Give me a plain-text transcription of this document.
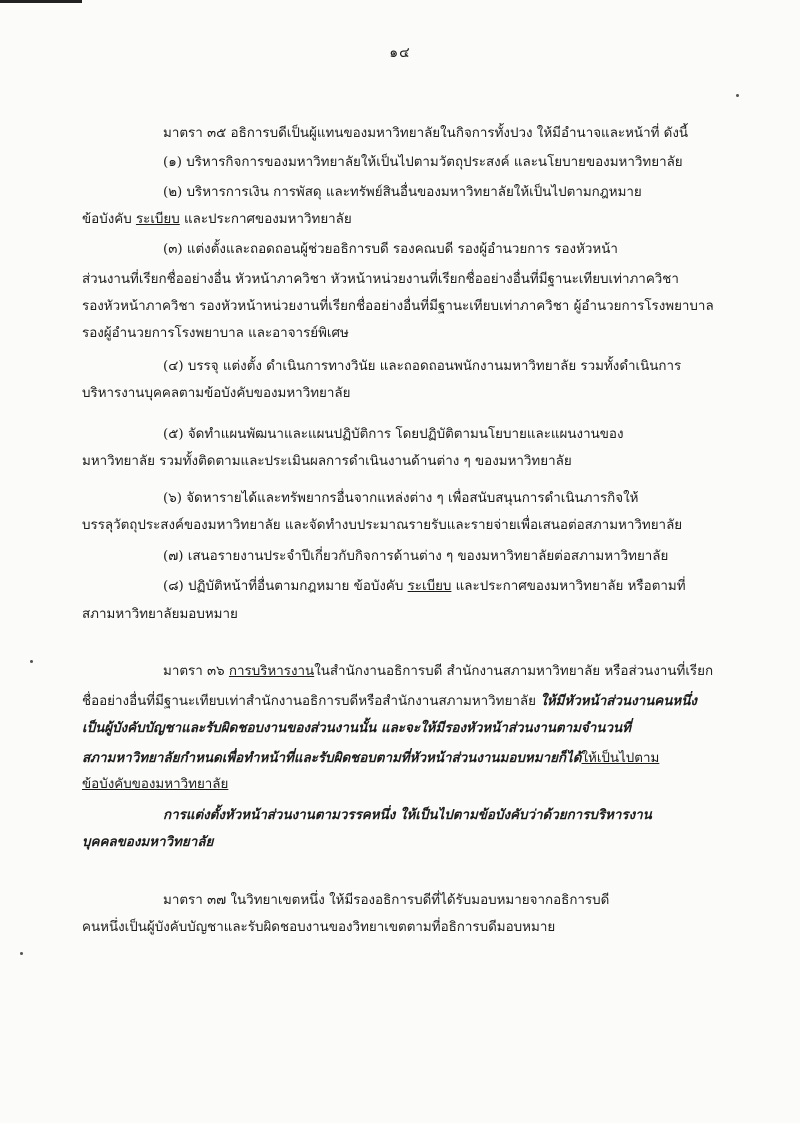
๑๔
มาตรา ๓๕ อธิการบดีเป็นผู้แทนของมหาวิทยาลัยในกิจการทั้งปวง ให้มีอำนาจและหน้าที่ ดังนี้
(๑) บริหารกิจการของมหาวิทยาลัยให้เป็นไปตามวัตถุประสงค์ และนโยบายของมหาวิทยาลัย
(๒) บริหารการเงิน การพัสดุ และทรัพย์สินอื่นของมหาวิทยาลัยให้เป็นไปตามกฎหมาย
ข้อบังคับ ระเบียบ และประกาศของมหาวิทยาลัย
(๓) แต่งตั้งและถอดถอนผู้ช่วยอธิการบดี รองคณบดี รองผู้อำนวยการ รองหัวหน้า
ส่วนงานที่เรียกชื่ออย่างอื่น หัวหน้าภาควิชา หัวหน้าหน่วยงานที่เรียกชื่ออย่างอื่นที่มีฐานะเทียบเท่าภาควิชา
รองหัวหน้าภาควิชา รองหัวหน้าหน่วยงานที่เรียกชื่ออย่างอื่นที่มีฐานะเทียบเท่าภาควิชา ผู้อำนวยการโรงพยาบาล
รองผู้อำนวยการโรงพยาบาล และอาจารย์พิเศษ
(๔) บรรจุ แต่งตั้ง ดำเนินการทางวินัย และถอดถอนพนักงานมหาวิทยาลัย รวมทั้งดำเนินการ
บริหารงานบุคคลตามข้อบังคับของมหาวิทยาลัย
(๕) จัดทำแผนพัฒนาและแผนปฏิบัติการ โดยปฏิบัติตามนโยบายและแผนงานของ
มหาวิทยาลัย รวมทั้งติดตามและประเมินผลการดำเนินงานด้านต่าง ๆ ของมหาวิทยาลัย
(๖) จัดหารายได้และทรัพยากรอื่นจากแหล่งต่าง ๆ เพื่อสนับสนุนการดำเนินภารกิจให้
บรรลุวัตถุประสงค์ของมหาวิทยาลัย และจัดทำงบประมาณรายรับและรายจ่ายเพื่อเสนอต่อสภามหาวิทยาลัย
(๗) เสนอรายงานประจำปีเกี่ยวกับกิจการด้านต่าง ๆ ของมหาวิทยาลัยต่อสภามหาวิทยาลัย
(๘) ปฏิบัติหน้าที่อื่นตามกฎหมาย ข้อบังคับ ระเบียบ และประกาศของมหาวิทยาลัย หรือตามที่
สภามหาวิทยาลัยมอบหมาย
มาตรา ๓๖ การบริหารงานในสำนักงานอธิการบดี สำนักงานสภามหาวิทยาลัย หรือส่วนงานที่เรียก
ชื่ออย่างอื่นที่มีฐานะเทียบเท่าสำนักงานอธิการบดีหรือสำนักงานสภามหาวิทยาลัย ให้มีหัวหน้าส่วนงานคนหนึ่ง
เป็นผู้บังคับบัญชาและรับผิดชอบงานของส่วนงานนั้น และจะให้มีรองหัวหน้าส่วนงานตามจำนวนที่
สภามหาวิทยาลัยกำหนดเพื่อทำหน้าที่และรับผิดชอบตามที่หัวหน้าส่วนงานมอบหมายก็ได้ให้เป็นไปตาม
ข้อบังคับของมหาวิทยาลัย
การแต่งตั้งหัวหน้าส่วนงานตามวรรคหนึ่ง ให้เป็นไปตามข้อบังคับว่าด้วยการบริหารงาน
บุคคลของมหาวิทยาลัย
มาตรา ๓๗ ในวิทยาเขตหนึ่ง ให้มีรองอธิการบดีที่ได้รับมอบหมายจากอธิการบดี
คนหนึ่งเป็นผู้บังคับบัญชาและรับผิดชอบงานของวิทยาเขตตามที่อธิการบดีมอบหมาย
